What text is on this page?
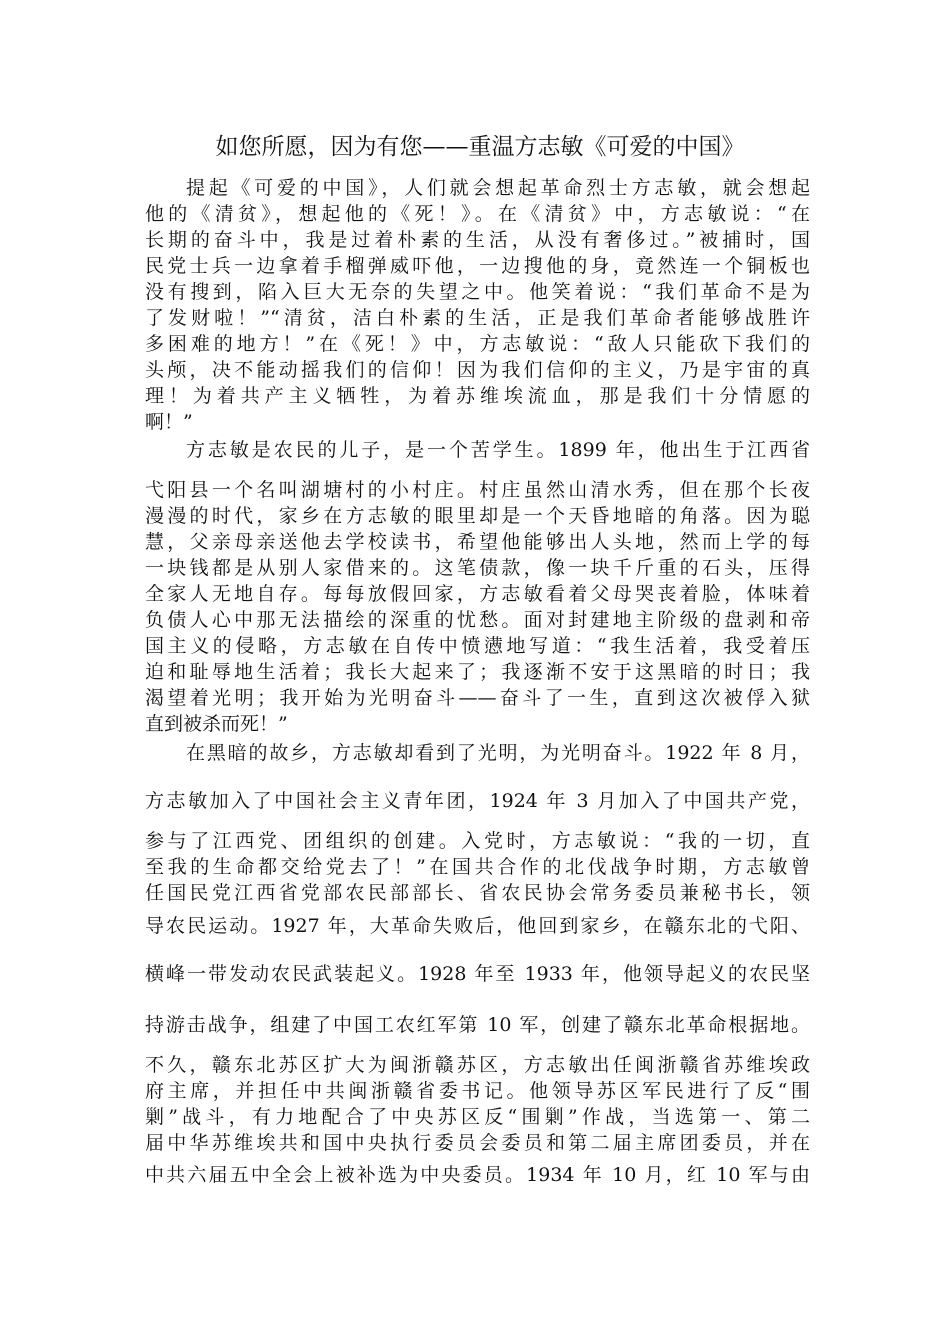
如您所愿，因为有您——重温方志敏《可爱的中国》
提起《可爱的中国》，人们就会想起革命烈士方志敏，就会想起
他的《清贫》，想起他的《死！》。在《清贫》中，方志敏说：“在
长期的奋斗中，我是过着朴素的生活，从没有奢侈过。”被捕时，国
民党士兵一边拿着手榴弹威吓他，一边搜他的身，竟然连一个铜板也
没有搜到，陷入巨大无奈的失望之中。他笑着说：“我们革命不是为
了发财啦！”“清贫，洁白朴素的生活，正是我们革命者能够战胜许
多困难的地方！”在《死！》中，方志敏说：“敌人只能砍下我们的
头颅，决不能动摇我们的信仰！因为我们信仰的主义，乃是宇宙的真
理！为着共产主义牺牲，为着苏维埃流血，那是我们十分情愿的
啊！”
方志敏是农民的儿子，是一个苦学生。1899 年，他出生于江西省
弋阳县一个名叫湖塘村的小村庄。村庄虽然山清水秀，但在那个长夜
漫漫的时代，家乡在方志敏的眼里却是一个天昏地暗的角落。因为聪
慧，父亲母亲送他去学校读书，希望他能够出人头地，然而上学的每
一块钱都是从别人家借来的。这笔债款，像一块千斤重的石头，压得
全家人无地自存。每每放假回家，方志敏看着父母哭丧着脸，体味着
负债人心中那无法描绘的深重的忧愁。面对封建地主阶级的盘剥和帝
国主义的侵略，方志敏在自传中愤懑地写道：“我生活着，我受着压
迫和耻辱地生活着；我长大起来了；我逐渐不安于这黑暗的时日；我
渴望着光明；我开始为光明奋斗——奋斗了一生，直到这次被俘入狱
直到被杀而死！”
在黑暗的故乡，方志敏却看到了光明，为光明奋斗。1922 年 8 月，
方志敏加入了中国社会主义青年团，1924 年 3 月加入了中国共产党，
参与了江西党、团组织的创建。入党时，方志敏说：“我的一切，直
至我的生命都交给党去了！”在国共合作的北伐战争时期，方志敏曾
任国民党江西省党部农民部部长、省农民协会常务委员兼秘书长，领
导农民运动。1927 年，大革命失败后，他回到家乡，在赣东北的弋阳、
横峰一带发动农民武装起义。1928 年至 1933 年，他领导起义的农民坚
持游击战争，组建了中国工农红军第 10 军，创建了赣东北革命根据地。
不久，赣东北苏区扩大为闽浙赣苏区，方志敏出任闽浙赣省苏维埃政
府主席，并担任中共闽浙赣省委书记。他领导苏区军民进行了反“围
剿”战斗，有力地配合了中央苏区反“围剿”作战，当选第一、第二
届中华苏维埃共和国中央执行委员会委员和第二届主席团委员，并在
中共六届五中全会上被补选为中央委员。1934 年 10 月，红 10 军与由
